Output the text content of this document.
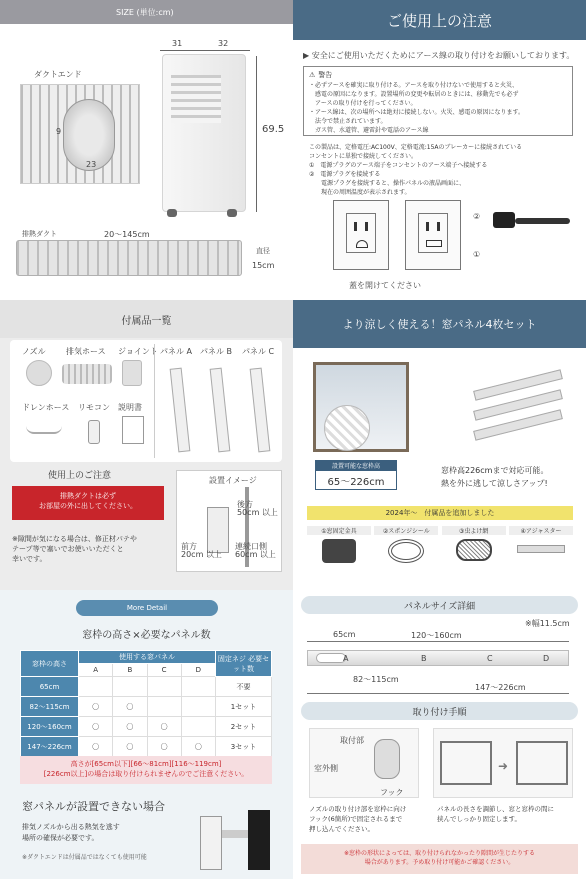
SIZE (単位:cm)
31	32
69.5
ダクトエンド
9
23
排熱ダクト	20〜145cm
直径
15cm
ご使用上の注意
▶ 安全にご使用いただくためにアース線の取り付けをお願いしております。
⚠ 警告
・必ずアースを確実に取り付ける。アースを取り付けないで使用すると火災、
　感電の原因になります。設置場所の変更や転居のときには、移動先でも必ず
　アースの取り付けを行ってください。
・アース線は、次の場所へは絶対に接続しない。火災、感電の原因になります。
　法令で禁止されています。
　ガス管、水道管、避雷針や電話のアース線
この製品は、定格電圧:AC100V、定格電流:15Aのブレーカーに接続されている
コンセントに単独で接続してください。
①　電源プラグのアース端子をコンセントのアース端子へ接続する
②　電源プラグを接続する
　　電源プラグを接続すると、操作パネルの液晶画面に、
　　現在の周囲温度が表示されます。
②
①
蓋を開けてください
付属品一覧
ノズル	排気ホース ジョイント
ドレンホース リモコン 説明書
パネル A パネル B パネル C
使用上のご注意
排熱ダクトは必ず
お部屋の外に出してください。
設置イメージ
後方
50cm 以上
前方
20cm 以上
連続口側
60cm 以上
※隙間が気になる場合は、修正材パテや
テープ等で塞いでお使いいただくと
幸いです。
より涼しく使える！窓パネル4枚セット
設置可能な窓枠高
65〜226cm
窓枠高226cmまで対応可能。
熱を外に逃して涼しさアップ!
2024年〜　付属品を追加しました
①窓固定金具	②スポンジシール	③虫よけ網	④アジャスター
More Detail
窓枠の高さ×必要なパネル数
窓枠の高さ	使用する窓パネル				固定ネジ 必要セット数
	A	B	C	D	
65cm					不要
82〜115cm	〇	〇			1セット
120〜160cm	〇	〇	〇		2セット
147〜226cm	〇	〇	〇	〇	3セット
高さが[65cm以下][66〜81cm][116〜119cm]
[226cm以上]の場合は取り付けられませんのでご注意ください。
窓パネルが設置できない場合
排気ノズルから出る熱気を逃す
場所の確保が必要です。
※ダクトエンドは付属品ではなくても使用可能
パネルサイズ詳細
※幅11.5cm
65cm	120〜160cm
A	B	C	D
82〜115cm
147〜226cm
取り付け手順
取付部
室外側
フック
➜
ノズルの取り付け部を窓枠に向け
フック(6箇所)で固定されるまで
押し込んでください。
パネルの長さを調節し、窓と窓枠の間に
挟んでしっかり固定します。
※窓枠の形状によっては、取り付けられなかったり隙間が生じたりする
場合があります。予め取り付け可能かご確認ください。
